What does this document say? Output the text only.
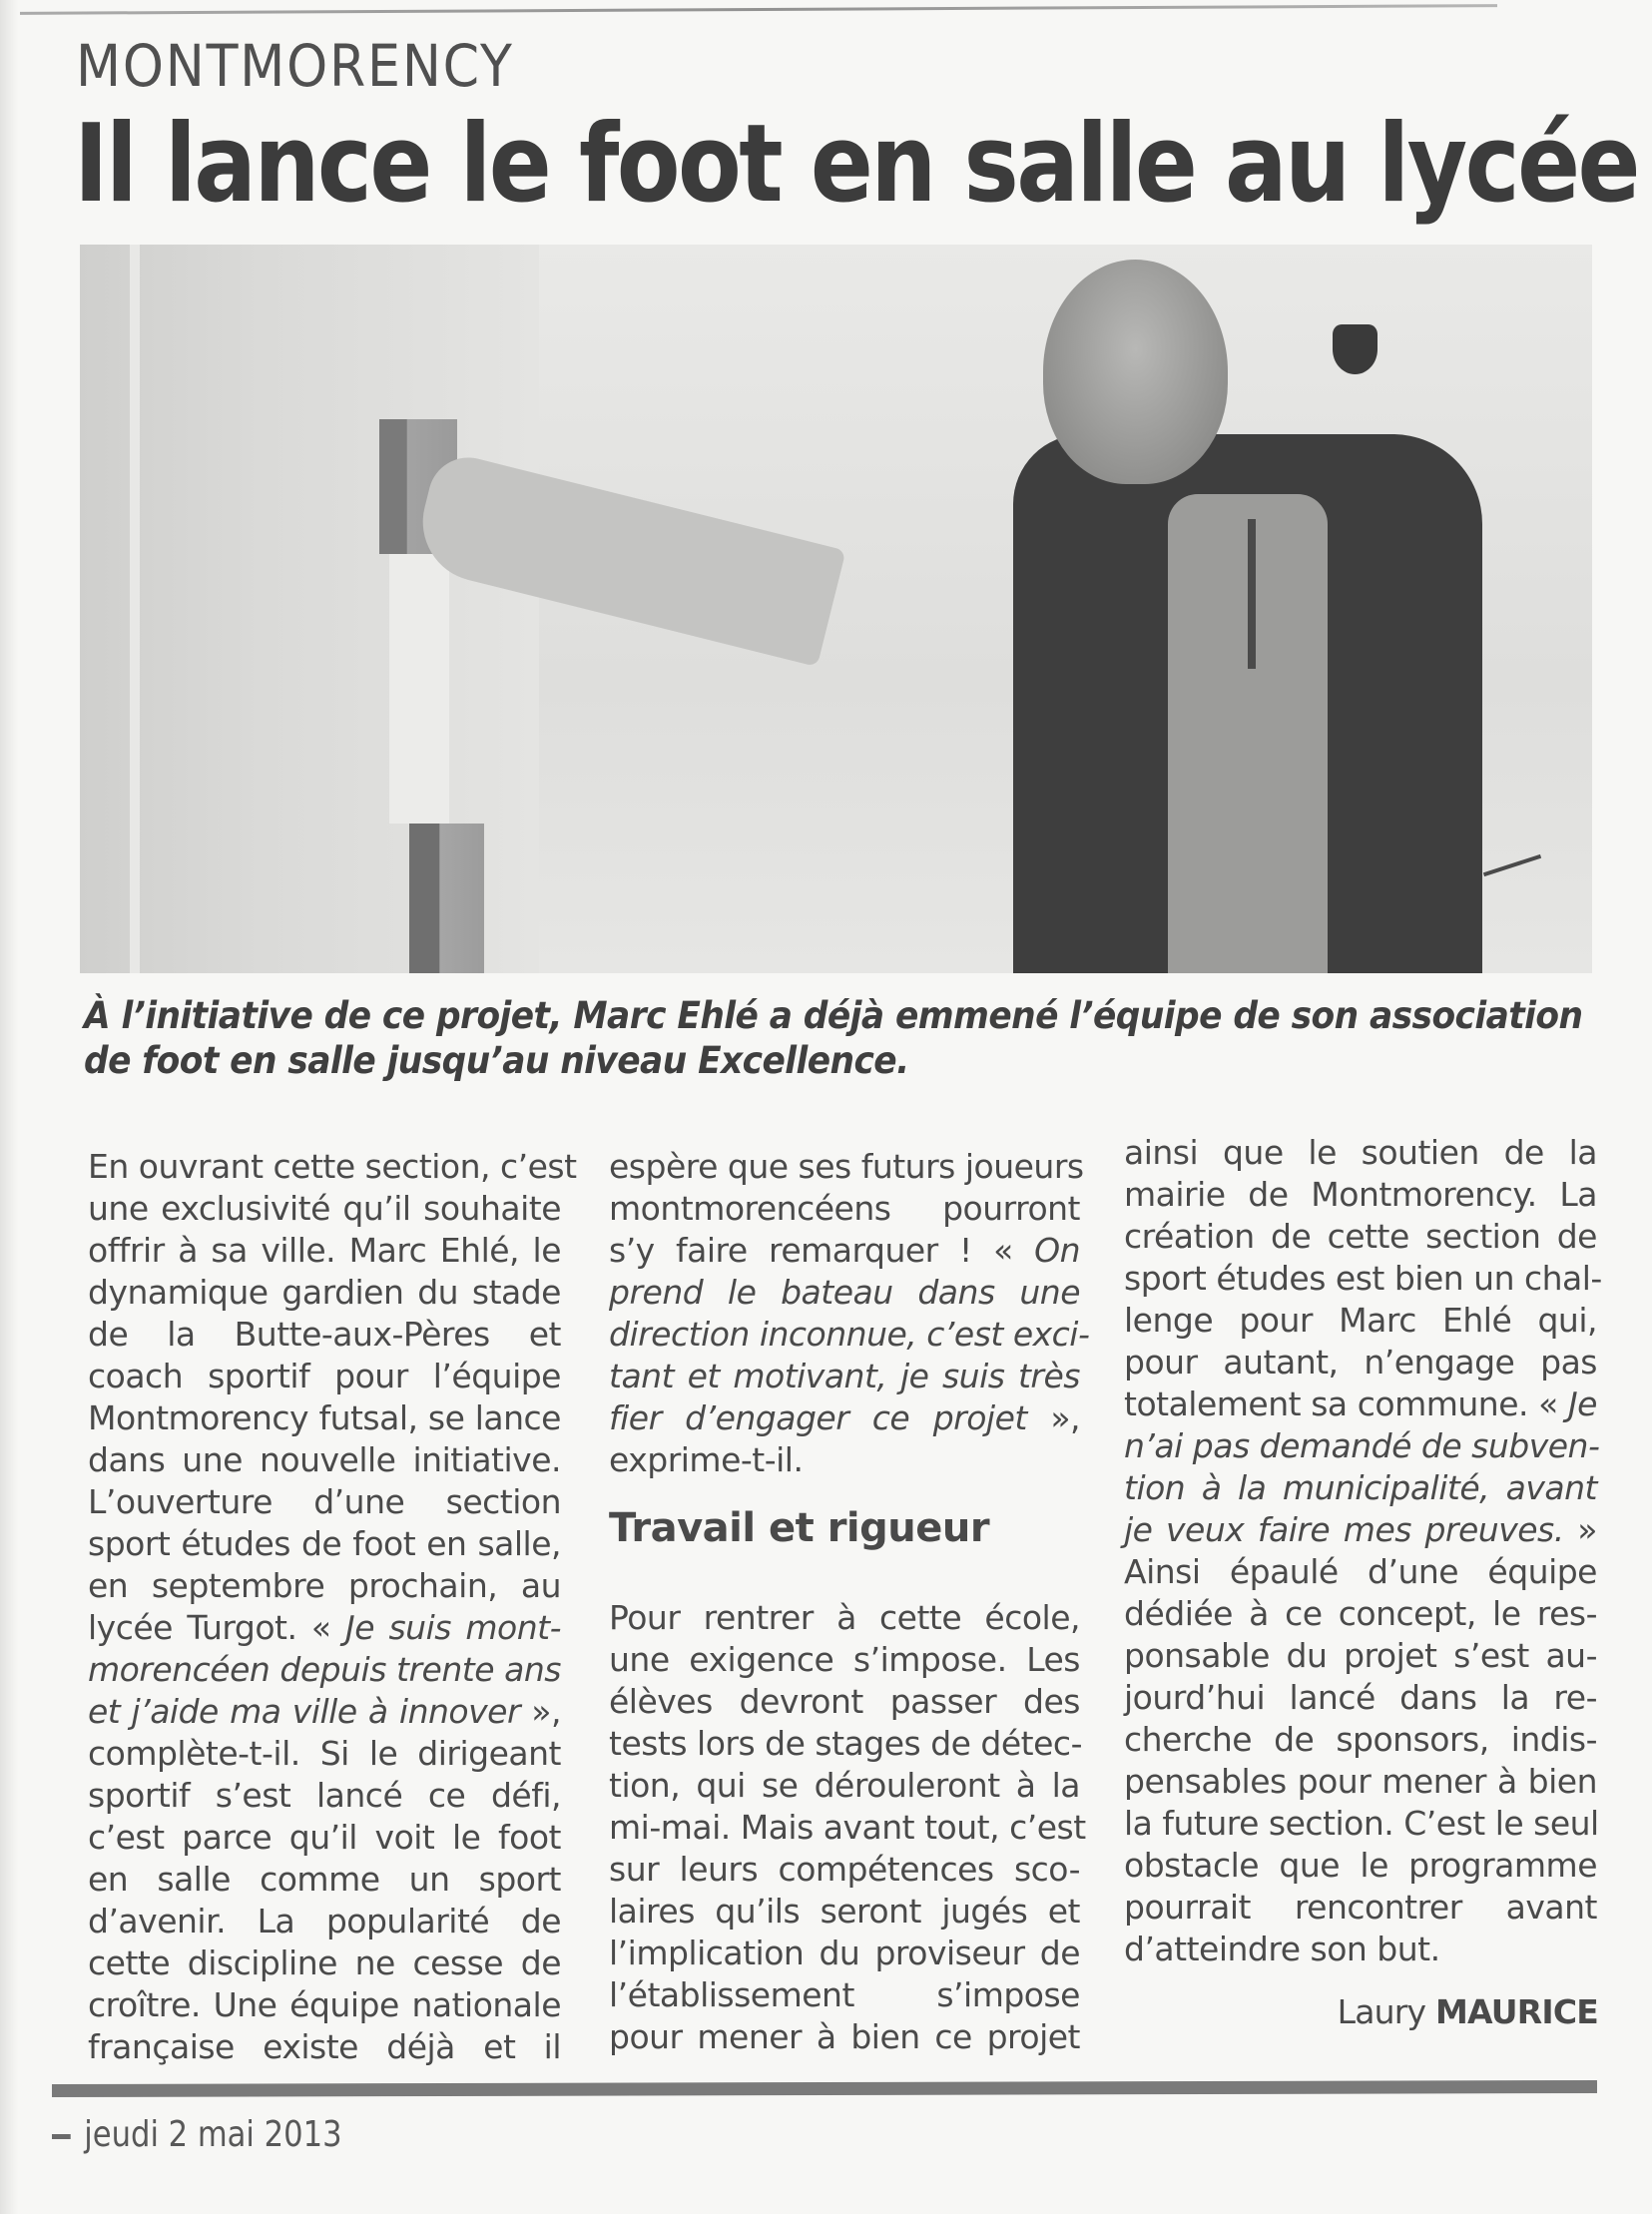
MONTMORENCY
Il lance le foot en salle au lycée
À l’initiative de ce projet, Marc Ehlé a déjà emmené l’équipe de son association
de foot en salle jusqu’au niveau Excellence.
En ouvrant cette section, c’est
une exclusivité qu’il souhaite
offrir à sa ville. Marc Ehlé, le
dynamique gardien du stade
de la Butte-aux-Pères et
coach sportif pour l’équipe
Montmorency futsal, se lance
dans une nouvelle initiative.
L’ouverture d’une section
sport études de foot en salle,
en septembre prochain, au
lycée Turgot. « Je suis mont-
morencéen depuis trente ans
et j’aide ma ville à innover »,
complète-t-il. Si le dirigeant
sportif s’est lancé ce défi,
c’est parce qu’il voit le foot
en salle comme un sport
d’avenir. La popularité de
cette discipline ne cesse de
croître. Une équipe nationale
française existe déjà et il
espère que ses futurs joueurs
montmorencéens pourront
s’y faire remarquer ! « On
prend le bateau dans une
direction inconnue, c’est exci-
tant et motivant, je suis très
fier d’engager ce projet »,
exprime-t-il.
Travail et rigueur
Pour rentrer à cette école,
une exigence s’impose. Les
élèves devront passer des
tests lors de stages de détec-
tion, qui se dérouleront à la
mi-mai. Mais avant tout, c’est
sur leurs compétences sco-
laires qu’ils seront jugés et
l’implication du proviseur de
l’établissement s’impose
pour mener à bien ce projet
ainsi que le soutien de la
mairie de Montmorency. La
création de cette section de
sport études est bien un chal-
lenge pour Marc Ehlé qui,
pour autant, n’engage pas
totalement sa commune. « Je
n’ai pas demandé de subven-
tion à la municipalité, avant
je veux faire mes preuves. »
Ainsi épaulé d’une équipe
dédiée à ce concept, le res-
ponsable du projet s’est au-
jourd’hui lancé dans la re-
cherche de sponsors, indis-
pensables pour mener à bien
la future section. C’est le seul
obstacle que le programme
pourrait rencontrer avant
d’atteindre son but.
Laury MAURICE
jeudi 2 mai 2013
